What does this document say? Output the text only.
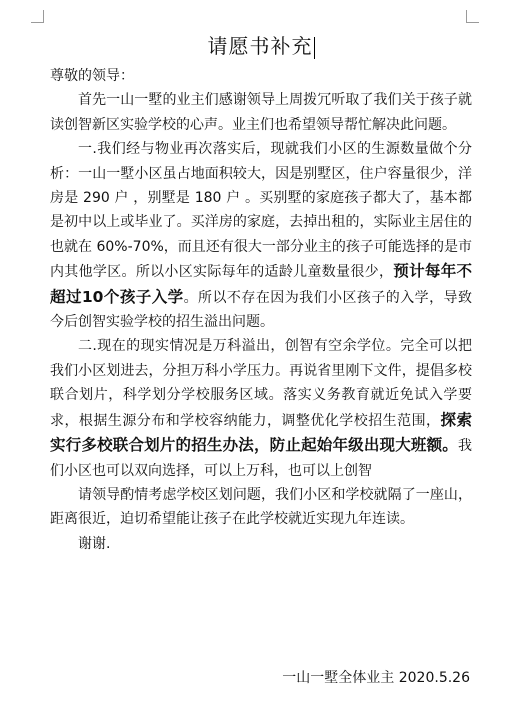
请愿书补充

尊敬的领导：

首先一山一墅的业主们感谢领导上周拨冗听取了我们关于孩子就读创智新区实验学校的心声。业主们也希望领导帮忙解决此问题。

一.我们经与物业再次落实后，现就我们小区的生源数量做个分析：一山一墅小区虽占地面积较大，因是别墅区，住户容量很少，洋房是 290 户 ，别墅是 180 户 。买别墅的家庭孩子都大了，基本都是初中以上或毕业了。买洋房的家庭，去掉出租的，实际业主居住的也就在 60%-70%，而且还有很大一部分业主的孩子可能选择的是市内其他学区。所以小区实际每年的适龄儿童数量很少，预计每年不超过10个孩子入学。所以不存在因为我们小区孩子的入学，导致今后创智实验学校的招生溢出问题。

二.现在的现实情况是万科溢出，创智有空余学位。完全可以把我们小区划进去，分担万科小学压力。再说省里刚下文件，提倡多校联合划片，科学划分学校服务区域。落实义务教育就近免试入学要求，根据生源分布和学校容纳能力，调整优化学校招生范围，探索实行多校联合划片的招生办法，防止起始年级出现大班额。我们小区也可以双向选择，可以上万科，也可以上创智

请领导酌情考虑学校区划问题，我们小区和学校就隔了一座山，距离很近，迫切希望能让孩子在此学校就近实现九年连读。

谢谢.

一山一墅全体业主 2020.5.26
